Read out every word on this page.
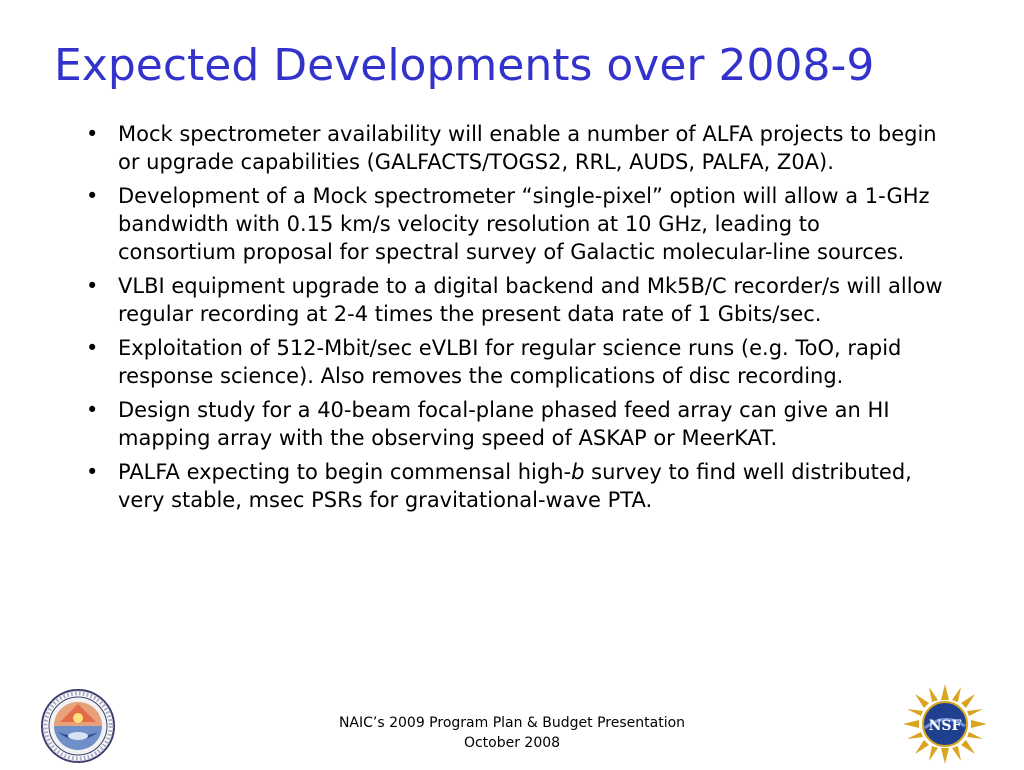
Expected Developments over 2008-9
• Mock spectrometer availability will enable a number of ALFA projects to begin or upgrade capabilities (GALFACTS/TOGS2, RRL, AUDS, PALFA, Z0A).
• Development of a Mock spectrometer “single-pixel” option will allow a 1-GHz bandwidth with 0.15 km/s velocity resolution at 10 GHz, leading to consortium proposal for spectral survey of Galactic molecular-line sources.
• VLBI equipment upgrade to a digital backend and Mk5B/C recorder/s will allow regular recording at 2-4 times the present data rate of 1 Gbits/sec.
• Exploitation of 512-Mbit/sec eVLBI for regular science runs (e.g. ToO, rapid response science). Also removes the complications of disc recording.
• Design study for a 40-beam focal-plane phased feed array can give an HI mapping array with the observing speed of ASKAP or MeerKAT.
• PALFA expecting to begin commensal high-b survey to find well distributed, very stable, msec PSRs for gravitational-wave PTA.
NAIC’s 2009 Program Plan & Budget Presentation
October 2008
NSF
